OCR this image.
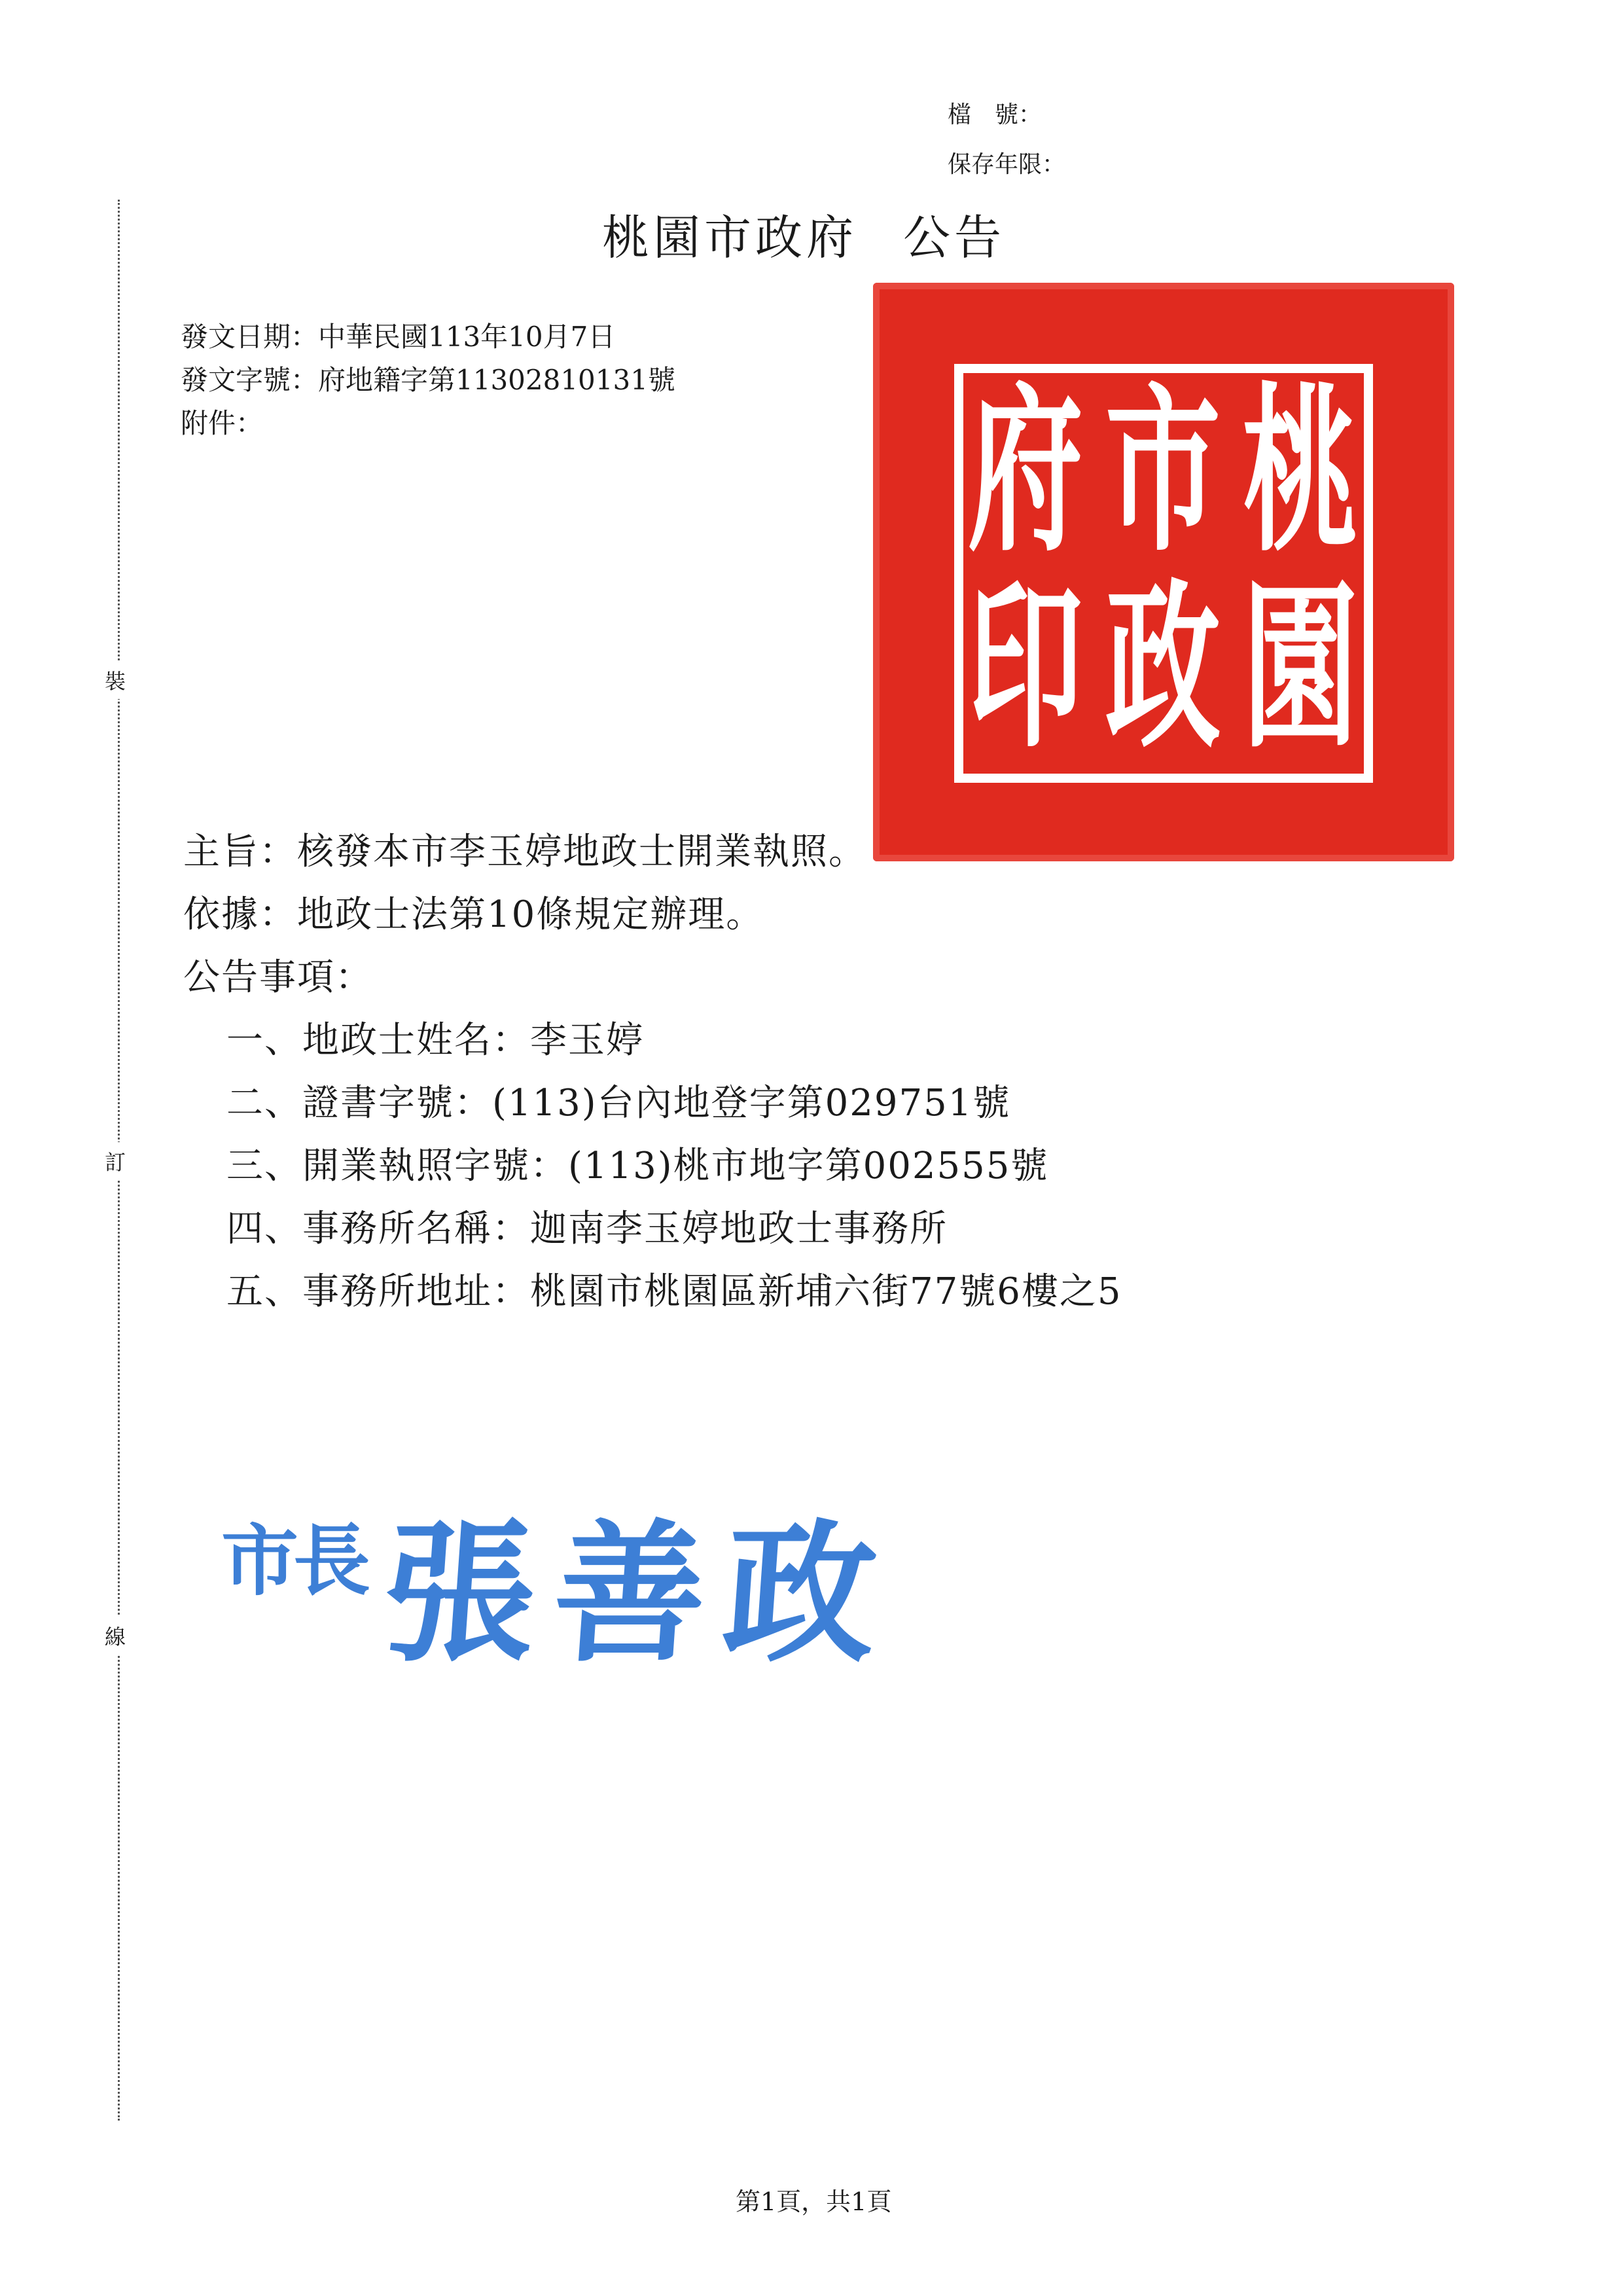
檔　號：
保存年限：
裝
訂
線
桃園市政府 公告
發文日期：中華民國113年10月7日
發文字號：府地籍字第11302810131號
附件：	桃
園
市
政
府
印
主旨：核發本市李玉婷地政士開業執照。
依據：地政士法第10條規定辦理。
公告事項：
一、地政士姓名：李玉婷
二、證書字號：(113)台內地登字第029751號
三、開業執照字號：(113)桃市地字第002555號
四、事務所名稱：迦南李玉婷地政士事務所
五、事務所地址：桃園市桃園區新埔六街77號6樓之5
市長張善政
第1頁，共1頁
